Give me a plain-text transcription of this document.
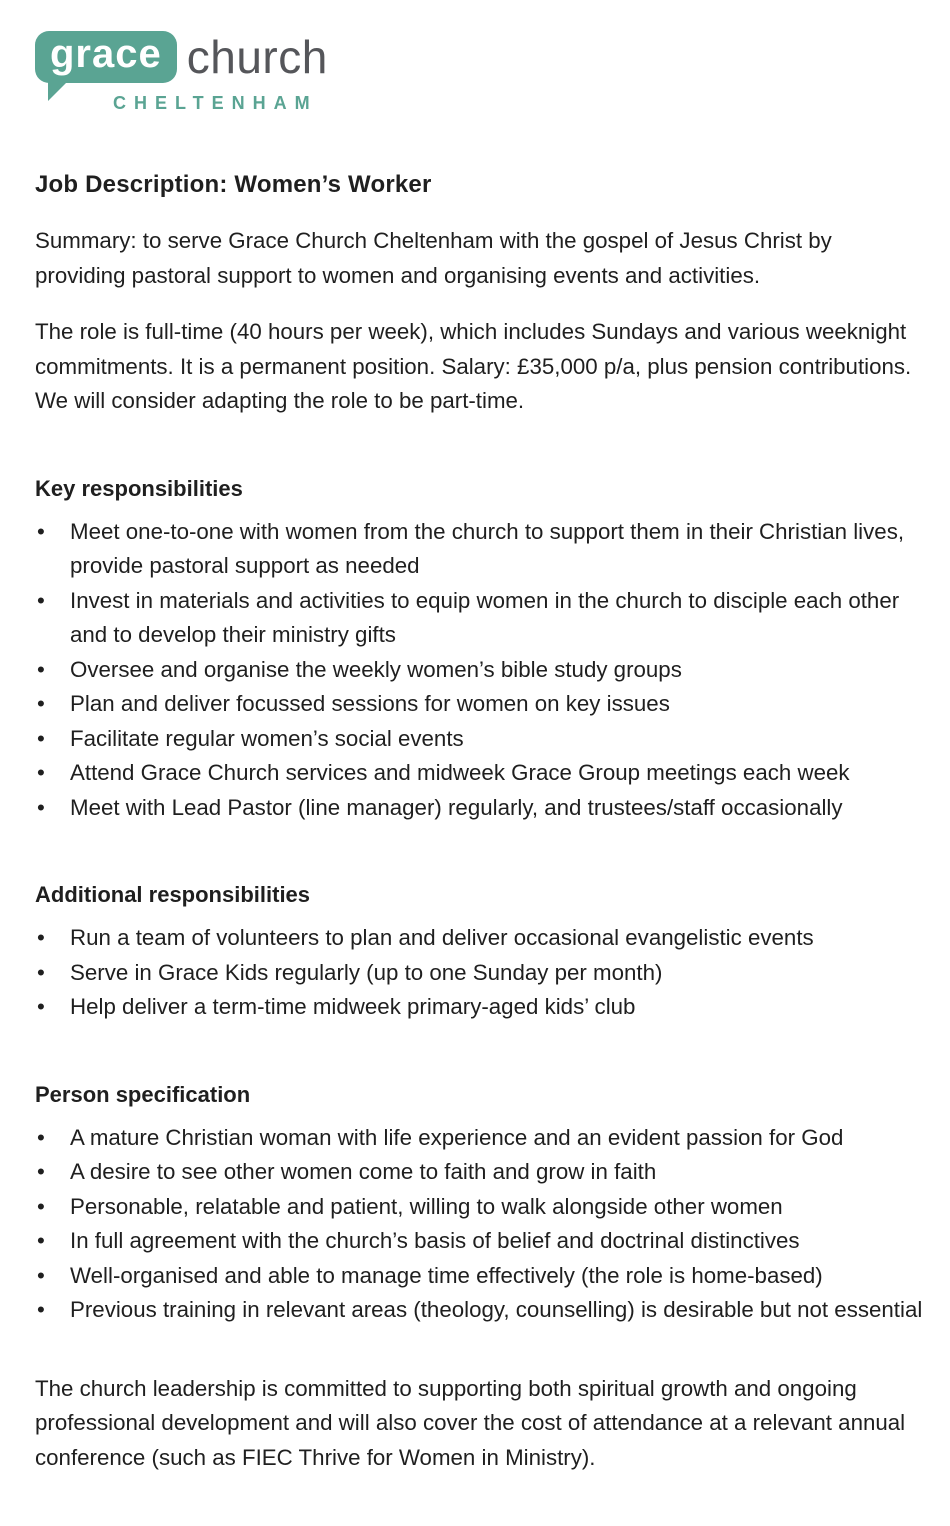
grace church
CHELTENHAM
Job Description: Women’s Worker

Summary: to serve Grace Church Cheltenham with the gospel of Jesus Christ by providing pastoral support to women and organising events and activities.

The role is full-time (40 hours per week), which includes Sundays and various weeknight commitments. It is a permanent position. Salary: £35,000 p/a, plus pension contributions. We will consider adapting the role to be part-time.

Key responsibilities
• Meet one-to-one with women from the church to support them in their Christian lives, provide pastoral support as needed
• Invest in materials and activities to equip women in the church to disciple each other and to develop their ministry gifts
• Oversee and organise the weekly women’s bible study groups
• Plan and deliver focussed sessions for women on key issues
• Facilitate regular women’s social events
• Attend Grace Church services and midweek Grace Group meetings each week
• Meet with Lead Pastor (line manager) regularly, and trustees/staff occasionally
Additional responsibilities
• Run a team of volunteers to plan and deliver occasional evangelistic events
• Serve in Grace Kids regularly (up to one Sunday per month)
• Help deliver a term-time midweek primary-aged kids’ club
Person specification
• A mature Christian woman with life experience and an evident passion for God
• A desire to see other women come to faith and grow in faith
• Personable, relatable and patient, willing to walk alongside other women
• In full agreement with the church’s basis of belief and doctrinal distinctives
• Well-organised and able to manage time effectively (the role is home-based)
• Previous training in relevant areas (theology, counselling) is desirable but not essential

The church leadership is committed to supporting both spiritual growth and ongoing professional development and will also cover the cost of attendance at a relevant annual conference (such as FIEC Thrive for Women in Ministry).
